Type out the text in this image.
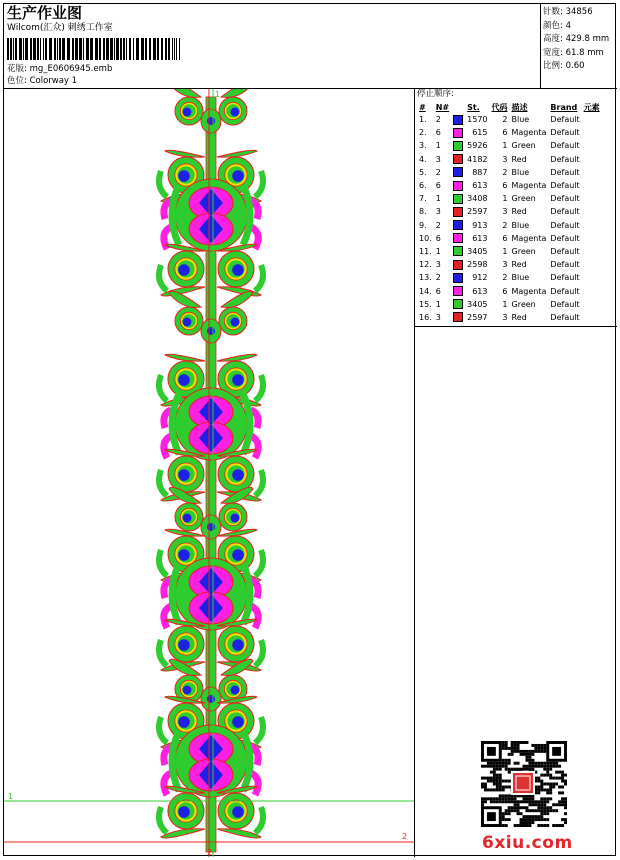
生产作业图
Wilcom(汇众) 刺绣工作室
花版: mg_E0606945.emb
色位: Colorway 1
针数: 34856
颜色: 4
高度: 429.8 mm
宽度: 61.8 mm
比例: 0.60
1
1
2
2
停止顺序:
#	N#		St.	代码	描述	Brand	元素
1.	2		1570	2	Blue	Default	
2.	6		615	6	Magenta	Default	
3.	1		5926	1	Green	Default	
4.	3		4182	3	Red	Default	
5.	2		887	2	Blue	Default	
6.	6		613	6	Magenta	Default	
7.	1		3408	1	Green	Default	
8.	3		2597	3	Red	Default	
9.	2		913	2	Blue	Default	
10.	6		613	6	Magenta	Default	
11.	1		3405	1	Green	Default	
12.	3		2598	3	Red	Default	
13.	2		912	2	Blue	Default	
14.	6		613	6	Magenta	Default	
15.	1		3405	1	Green	Default	
16.	3		2597	3	Red	Default	
6xiu.com
